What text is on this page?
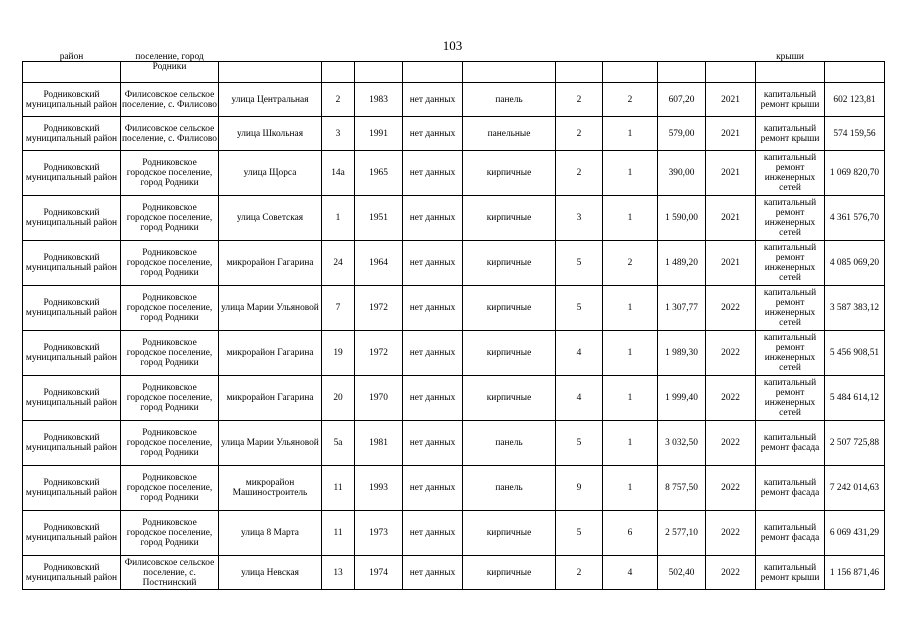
103
район	поселение, город Родники										крыши	

Родниковский муниципальный район	Филисовское сельское поселение, с. Филисово	улица Центральная	2	1983	нет данных	панель	2	2	607,20	2021	капитальный ремонт крыши	602 123,81
Родниковский муниципальный район	Филисовское сельское поселение, с. Филисово	улица Школьная	3	1991	нет данных	панельные	2	1	579,00	2021	капитальный ремонт крыши	574 159,56
Родниковский муниципальный район	Родниковское городское поселение, город Родники	улица Щорса	14а	1965	нет данных	кирпичные	2	1	390,00	2021	капитальный ремонт инженерных сетей	1 069 820,70
Родниковский муниципальный район	Родниковское городское поселение, город Родники	улица Советская	1	1951	нет данных	кирпичные	3	1	1 590,00	2021	капитальный ремонт инженерных сетей	4 361 576,70
Родниковский муниципальный район	Родниковское городское поселение, город Родники	микрорайон Гагарина	24	1964	нет данных	кирпичные	5	2	1 489,20	2021	капитальный ремонт инженерных сетей	4 085 069,20
Родниковский муниципальный район	Родниковское городское поселение, город Родники	улица Марии Ульяновой	7	1972	нет данных	кирпичные	5	1	1 307,77	2022	капитальный ремонт инженерных сетей	3 587 383,12
Родниковский муниципальный район	Родниковское городское поселение, город Родники	микрорайон Гагарина	19	1972	нет данных	кирпичные	4	1	1 989,30	2022	капитальный ремонт инженерных сетей	5 456 908,51
Родниковский муниципальный район	Родниковское городское поселение, город Родники	микрорайон Гагарина	20	1970	нет данных	кирпичные	4	1	1 999,40	2022	капитальный ремонт инженерных сетей	5 484 614,12
Родниковский муниципальный район	Родниковское городское поселение, город Родники	улица Марии Ульяновой	5а	1981	нет данных	панель	5	1	3 032,50	2022	капитальный ремонт фасада	2 507 725,88
Родниковский муниципальный район	Родниковское городское поселение, город Родники	микрорайон Машиностроитель	11	1993	нет данных	панель	9	1	8 757,50	2022	капитальный ремонт фасада	7 242 014,63
Родниковский муниципальный район	Родниковское городское поселение, город Родники	улица 8 Марта	11	1973	нет данных	кирпичные	5	6	2 577,10	2022	капитальный ремонт фасада	6 069 431,29
Родниковский муниципальный район	Филисовское сельское поселение, с. Постнинский	улица Невская	13	1974	нет данных	кирпичные	2	4	502,40	2022	капитальный ремонт крыши	1 156 871,46
